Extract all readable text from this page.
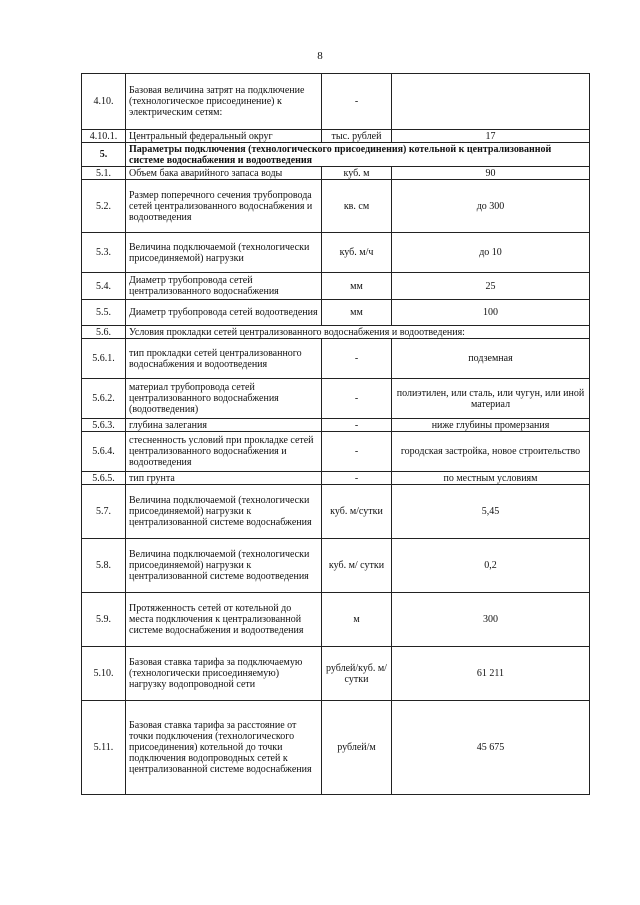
8
4.10.	Базовая величина затрят на подключение (технологическое присоединение) к электрическим сетям:	-	
4.10.1.	Центральный федеральный округ	тыс. рублей	17
5.	Параметры подключения (технологического присоединения) котельной к централизованной системе водоснабжения и водоотведения		
5.1.	Объем бака аварийного запаса воды	куб. м	90
5.2.	Размер поперечного сечения трубопровода сетей централизованного водоснабжения и водоотведения	кв. см	до 300
5.3.	Величина подключаемой (технологически присоединяемой) нагрузки	куб. м/ч	до 10
5.4.	Диаметр трубопровода сетей централизованного водоснабжения	мм	25
5.5.	Диаметр трубопровода сетей водоотведения	мм	100
5.6.	Условия прокладки сетей централизованного водоснабжения и водоотведения:		
5.6.1.	тип прокладки сетей централизованного водоснабжения и водоотведения	-	подземная
5.6.2.	материал трубопровода сетей централизованного водоснабжения (водоотведения)	-	полиэтилен, или сталь, или чугун, или иной материал
5.6.3.	глубина залегания	-	ниже глубины промерзания
5.6.4.	стесненность условий при прокладке сетей централизованного водоснабжения и водоотведения	-	городская застройка, новое строительство
5.6.5.	тип грунта	-	по местным условиям
5.7.	Величина подключаемой (технологически присоединяемой) нагрузки к централизованной системе водоснабжения	куб. м/сутки	5,45
5.8.	Величина подключаемой (технологически присоединяемой) нагрузки к централизованной системе водоотведения	куб. м/ сутки	0,2
5.9.	Протяженность сетей от котельной до места подключения к централизованной системе водоснабжения и водоотведения	м	300
5.10.	Базовая ставка тарифа за подключаемую (технологически присоединяемую) нагрузку водопроводной сети	рублей/куб. м/сутки	61 211
5.11.	Базовая ставка тарифа за расстояние от точки подключения (технологического присоединения) котельной до точки подключения водопроводных сетей к централизованной системе водоснабжения	рублей/м	45 675
